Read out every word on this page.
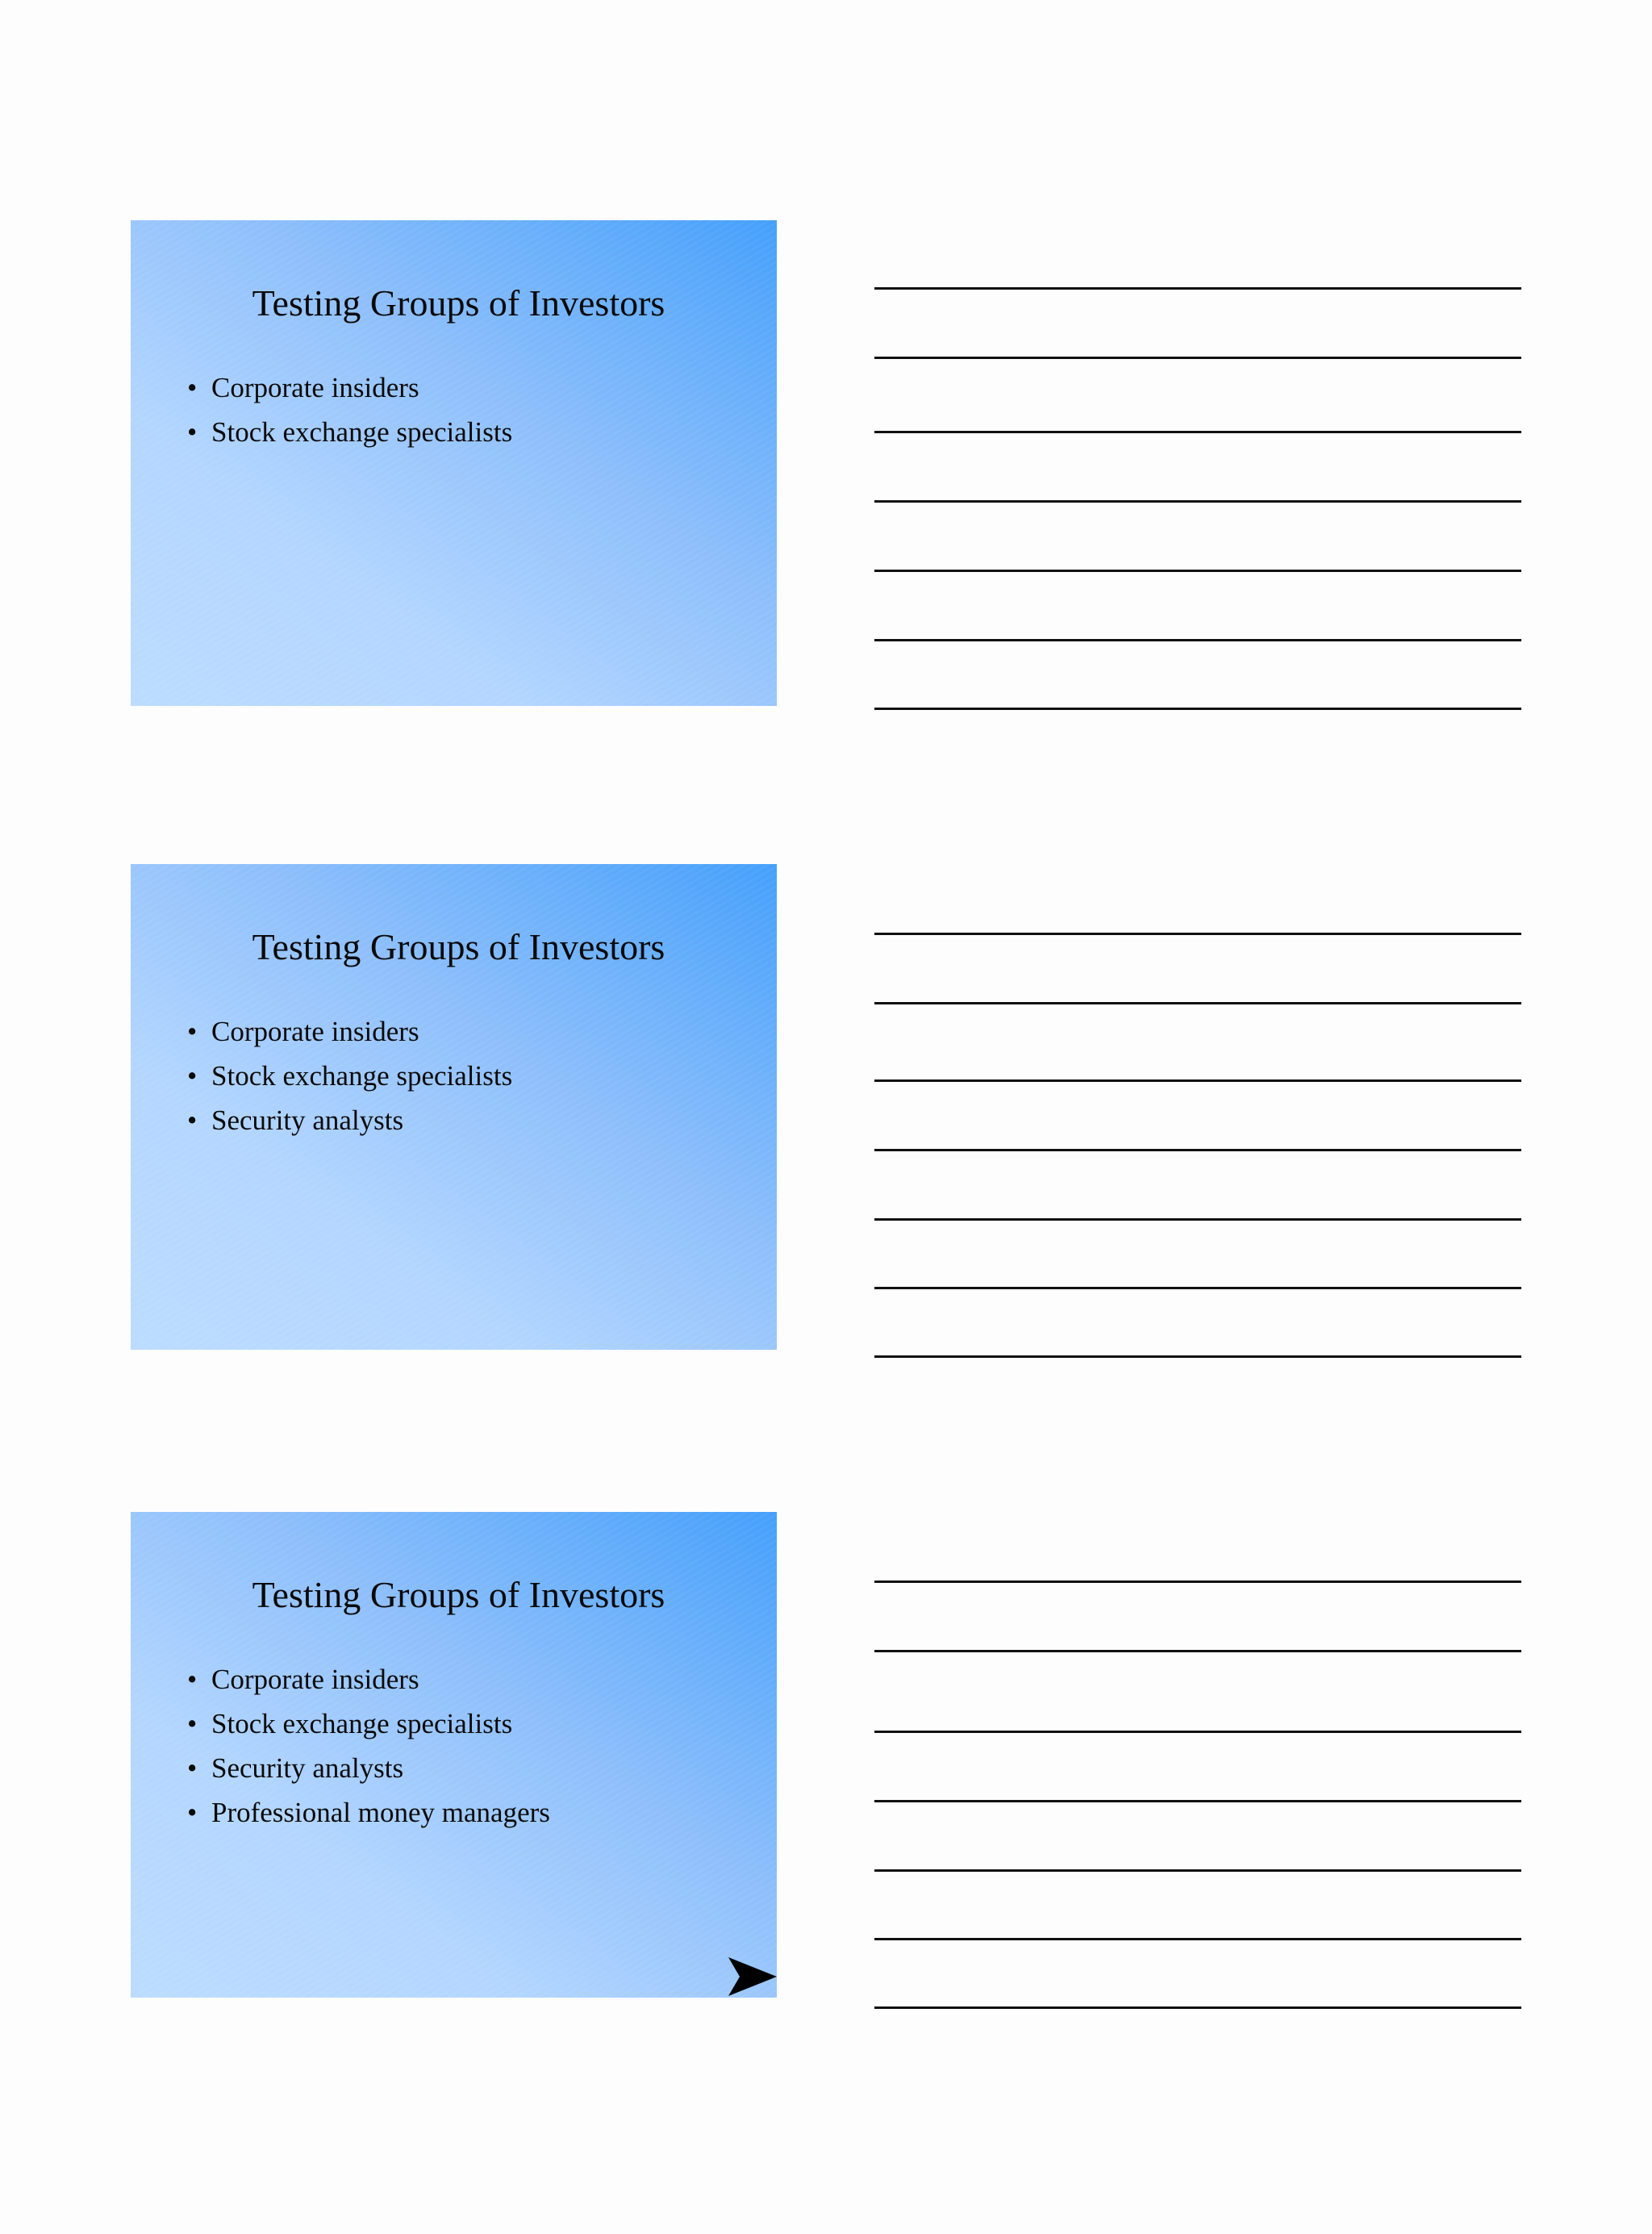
Testing Groups of Investors
• Corporate insiders
• Stock exchange specialists
Testing Groups of Investors
• Corporate insiders
• Stock exchange specialists
• Security analysts
Testing Groups of Investors
• Corporate insiders
• Stock exchange specialists
• Security analysts
• Professional money managers
